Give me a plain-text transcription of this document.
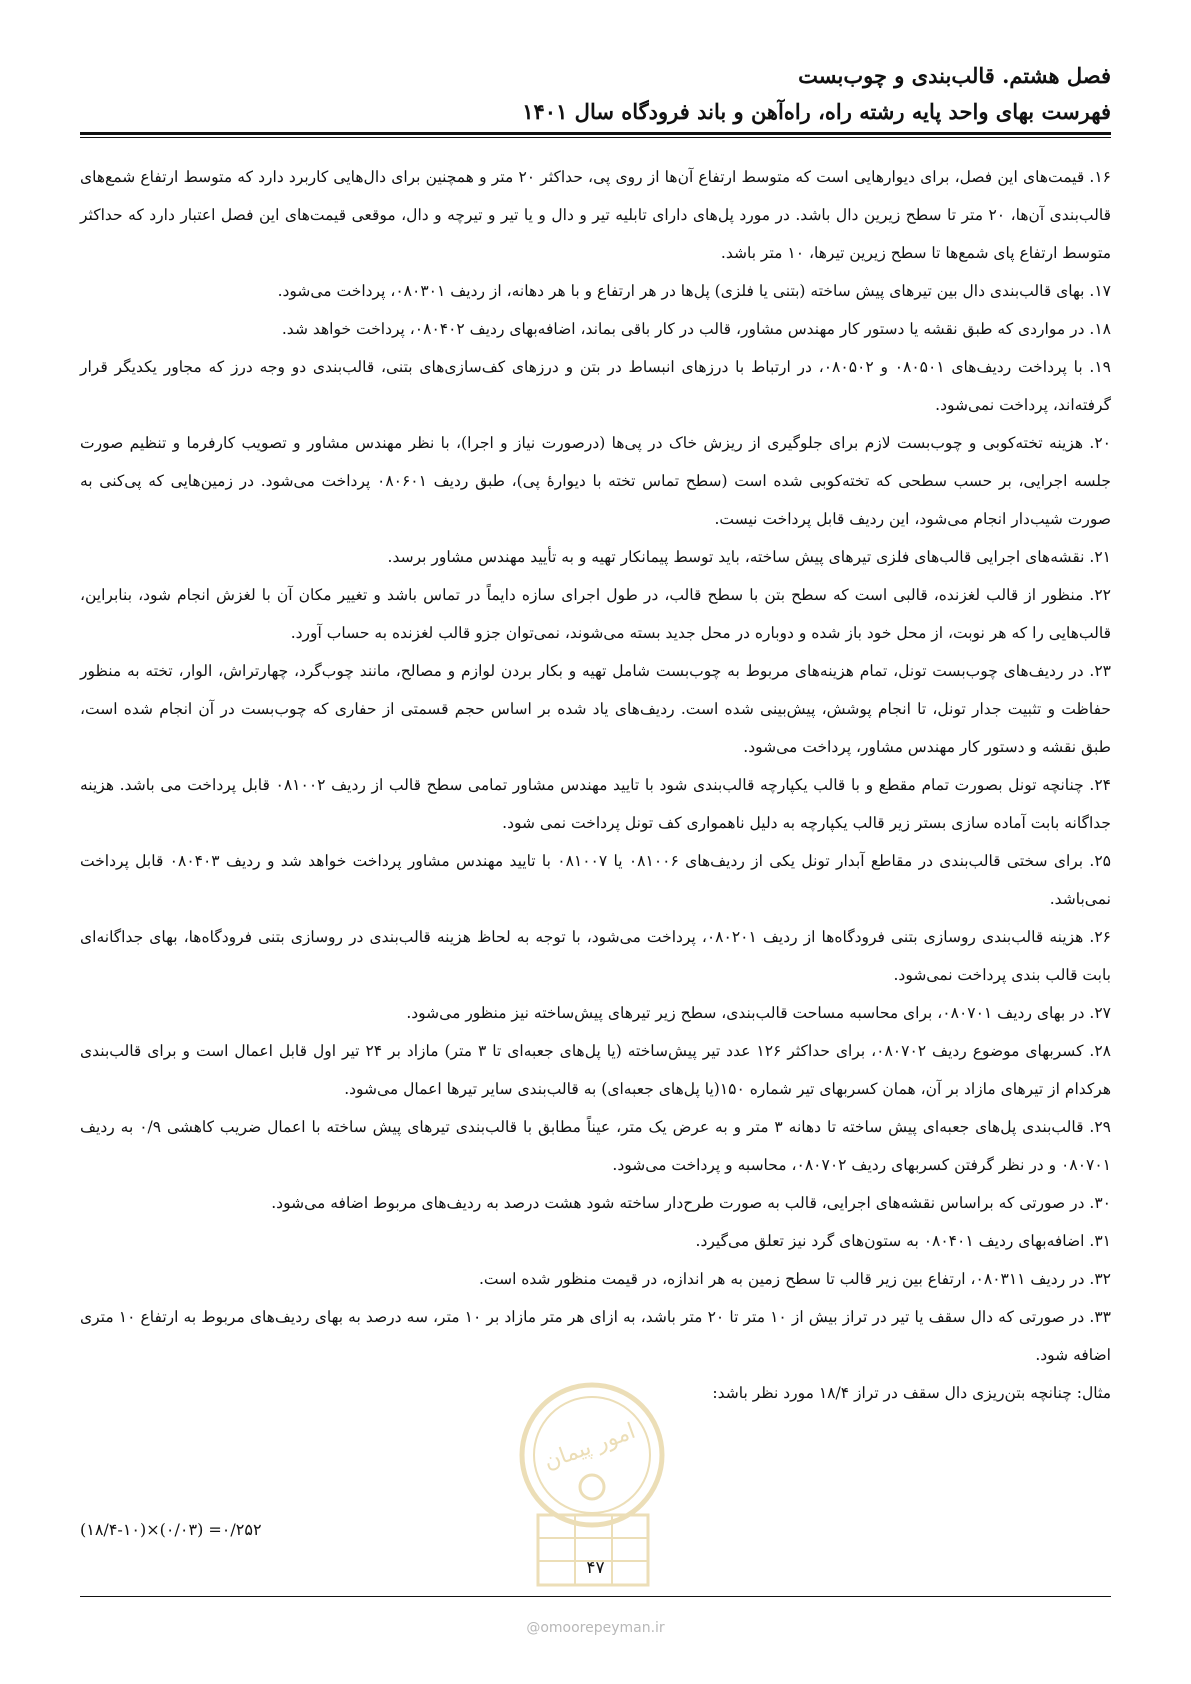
فصل هشتم. قالب‌بندی و چوب‌بست
فهرست بهای واحد پایه رشته راه، راه‌آهن و باند فرودگاه سال ۱۴۰۱

۱۶. قیمت‌های این فصل، برای دیوارهایی است که متوسط ارتفاع آن‌ها از روی پی، حداکثر ۲۰ متر و همچنین برای دال‌هایی کاربرد دارد که متوسط ارتفاع شمع‌های قالب‌بندی آن‌ها، ۲۰ متر تا سطح زیرین دال باشد. در مورد پل‌های دارای تابلیه تیر و دال و یا تیر و تیرچه و دال، موقعی قیمت‌های این فصل اعتبار دارد که حداکثر متوسط ارتفاع پای شمع‌ها تا سطح زیرین تیرها، ۱۰ متر باشد.

۱۷. بهای قالب‌بندی دال بین تیرهای پیش ساخته (بتنی یا فلزی) پل‌ها در هر ارتفاع و با هر دهانه، از ردیف ۰۸۰۳۰۱، پرداخت می‌شود.

۱۸. در مواردی که طبق نقشه یا دستور کار مهندس مشاور، قالب در کار باقی بماند، اضافه‌بهای ردیف ۰۸۰۴۰۲، پرداخت خواهد شد.

۱۹. با پرداخت ردیف‌های ۰۸۰۵۰۱ و ۰۸۰۵۰۲، در ارتباط با درزهای انبساط در بتن و درزهای کف‌سازی‌های بتنی، قالب‌بندی دو وجه درز که مجاور یکدیگر قرار گرفته‌اند، پرداخت نمی‌شود.

۲۰. هزینه تخته‌کوبی و چوب‌بست لازم برای جلوگیری از ریزش خاک در پی‌ها (درصورت نیاز و اجرا)، با نظر مهندس مشاور و تصویب کارفرما و تنظیم صورت جلسه اجرایی، بر حسب سطحی که تخته‌کوبی شده است (سطح تماس تخته با دیوارهٔ پی)، طبق ردیف ۰۸۰۶۰۱ پرداخت می‌شود. در زمین‌هایی که پی‌کنی به صورت شیب‌دار انجام می‌شود، این ردیف قابل پرداخت نیست.

۲۱. نقشه‌های اجرایی قالب‌های فلزی تیرهای پیش ساخته، باید توسط پیمانکار تهیه و به تأیید مهندس مشاور برسد.

۲۲. منظور از قالب لغزنده، قالبی است که سطح بتن با سطح قالب، در طول اجرای سازه دایماً در تماس باشد و تغییر مکان آن با لغزش انجام شود، بنابراین، قالب‌هایی را که هر نوبت، از محل خود باز شده و دوباره در محل جدید بسته می‌شوند، نمی‌توان جزو قالب لغزنده به حساب آورد.

۲۳. در ردیف‌های چوب‌بست تونل، تمام هزینه‌های مربوط به چوب‌بست شامل تهیه و بکار بردن لوازم و مصالح، مانند چوب‌گرد، چهارتراش، الوار، تخته به منظور حفاظت و تثبیت جدار تونل، تا انجام پوشش، پیش‌بینی شده است. ردیف‌های یاد شده بر اساس حجم قسمتی از حفاری که چوب‌بست در آن انجام شده است، طبق نقشه و دستور کار مهندس مشاور، پرداخت می‌شود.

۲۴. چنانچه تونل بصورت تمام مقطع و با قالب یکپارچه قالب‌بندی شود با تایید مهندس مشاور تمامی سطح قالب از ردیف ۰۸۱۰۰۲ قابل پرداخت می باشد. هزینه جداگانه بابت آماده سازی بستر زیر قالب یکپارچه به دلیل ناهمواری کف تونل پرداخت نمی شود.

۲۵. برای سختی قالب‌بندی در مقاطع آبدار تونل یکی از ردیف‌های ۰۸۱۰۰۶ یا ۰۸۱۰۰۷ با تایید مهندس مشاور پرداخت خواهد شد و ردیف ۰۸۰۴۰۳ قابل پرداخت نمی‌باشد.

۲۶. هزینه قالب‌بندی روسازی بتنی فرودگاه‌ها از ردیف ۰۸۰۲۰۱، پرداخت می‌شود، با توجه به لحاظ هزینه قالب‌بندی در روسازی بتنی فرودگاه‌ها، بهای جداگانه‌ای بابت قالب بندی پرداخت نمی‌شود.

۲۷. در بهای ردیف ۰۸۰۷۰۱، برای محاسبه مساحت قالب‌بندی، سطح زیر تیرهای پیش‌ساخته نیز منظور می‌شود.

۲۸. کسربهای موضوع ردیف ۰۸۰۷۰۲، برای حداکثر ۱۲۶ عدد تیر پیش‌ساخته (یا پل‌های جعبه‌ای تا ۳ متر) مازاد بر ۲۴ تیر اول قابل اعمال است و برای قالب‌بندی هرکدام از تیرهای مازاد بر آن، همان کسربهای تیر شماره ۱۵۰(یا پل‌های جعبه‌ای) به قالب‌بندی سایر تیرها اعمال می‌شود.

۲۹. قالب‌بندی پل‌های جعبه‌ای پیش ساخته تا دهانه ۳ متر و به عرض یک متر، عیناً مطابق با قالب‌بندی تیرهای پیش ساخته با اعمال ضریب کاهشی ۰/۹ به ردیف ۰۸۰۷۰۱ و در نظر گرفتن کسربهای ردیف ۰۸۰۷۰۲، محاسبه و پرداخت می‌شود.

۳۰. در صورتی که براساس نقشه‌های اجرایی، قالب به صورت طرح‌دار ساخته شود هشت درصد به ردیف‌های مربوط اضافه می‌شود.

۳۱. اضافه‌بهای ردیف ۰۸۰۴۰۱ به ستون‌های گرد نیز تعلق می‌گیرد.

۳۲. در ردیف ۰۸۰۳۱۱، ارتفاع بین زیر قالب تا سطح زمین به هر اندازه، در قیمت منظور شده است.

۳۳. در صورتی که دال سقف یا تیر در تراز بیش از ۱۰ متر تا ۲۰ متر باشد، به ازای هر متر مازاد بر ۱۰ متر، سه درصد به بهای ردیف‌های مربوط به ارتفاع ۱۰ متری اضافه شود.

مثال: چنانچه بتن‌ریزی دال سقف در تراز ۱۸/۴ مورد نظر باشد:

(۱۸/۴-۱۰)×(۰/۰۳) =۰/۲۵۲
امور پیمان
۴۷
@omoorepeyman.ir
